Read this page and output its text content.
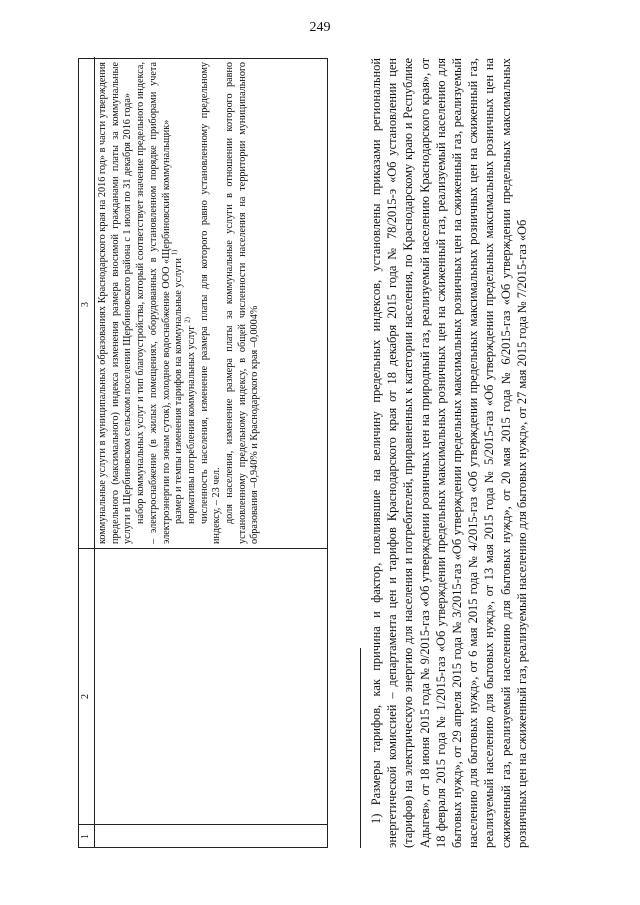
249
1
2
3 коммунальные услуги в муниципальных образованиях Краснодарского края на 2016 год» в части утверждения предельного (максимального) индекса изменения размера вносимой гражданами платы за коммунальные услуги в Щербиновском сельском поселении Щербиновского района с 1 июля по 31 декабря 2016 года» набор коммунальных услуг и тип благоустройства, который соответствует значение предельного индекса, – электроснабжение (в жилых помещениях, оборудованных в установленном порядке приборами учета электроэнергии по зонам суток), холодное водоснабжение ООО «Щербиновский коммунальщик» размер и темпы изменения тарифов на коммунальные услуги $^{1)}$

нормативы потребления коммунальных услуг $^{2)}$ численность населения, изменение размера платы для которого равно установленному предельному индексу, – 23 чел. доля населения, изменение размера платы за коммунальные услуги в отношении которого равно установленному предельному индексу, в общей численности населения на территории муниципального образования –0,940% и Краснодарского края –0,0004%	1) Размеры тарифов, как причина и фактор, повлиявшие на величину предельных индексов, установлены приказами региональной энергетической комиссией – департамента цен и тарифов Краснодарского края от 18 декабря 2015 года № 78/2015-э «Об установлении цен (тарифов) на электрическую энергию для населения и потребителей, приравненных к категории населения, по Краснодарскому краю и Республике Адыгея», от 18 июня 2015 года № 9/2015-газ «Об утверждении розничных цен на природный газ, реализуемый населению Краснодарского края», от 18 февраля 2015 года № 1/2015-газ «Об утверждении предельных максимальных розничных цен на сжиженный газ, реализуемый населению для бытовых нужд», от 29 апреля 2015 года № 3/2015-газ «Об утверждении предельных максимальных розничных цен на сжиженный газ, реализуемый населению для бытовых нужд», от 6 мая 2015 года № 4/2015-газ «Об утверждении предельных максимальных розничных цен на сжиженный газ, реализуемый населению для бытовых нужд», от 13 мая 2015 года № 5/2015-газ «Об утверждении предельных максимальных розничных цен на сжиженный газ, реализуемый населению для бытовых нужд», от 20 мая 2015 года № 6/2015-газ «Об утверждении предельных максимальных розничных цен на сжиженный газ, реализуемый населению для бытовых нужд», от 27 мая 2015 года № 7/2015-газ «Об
